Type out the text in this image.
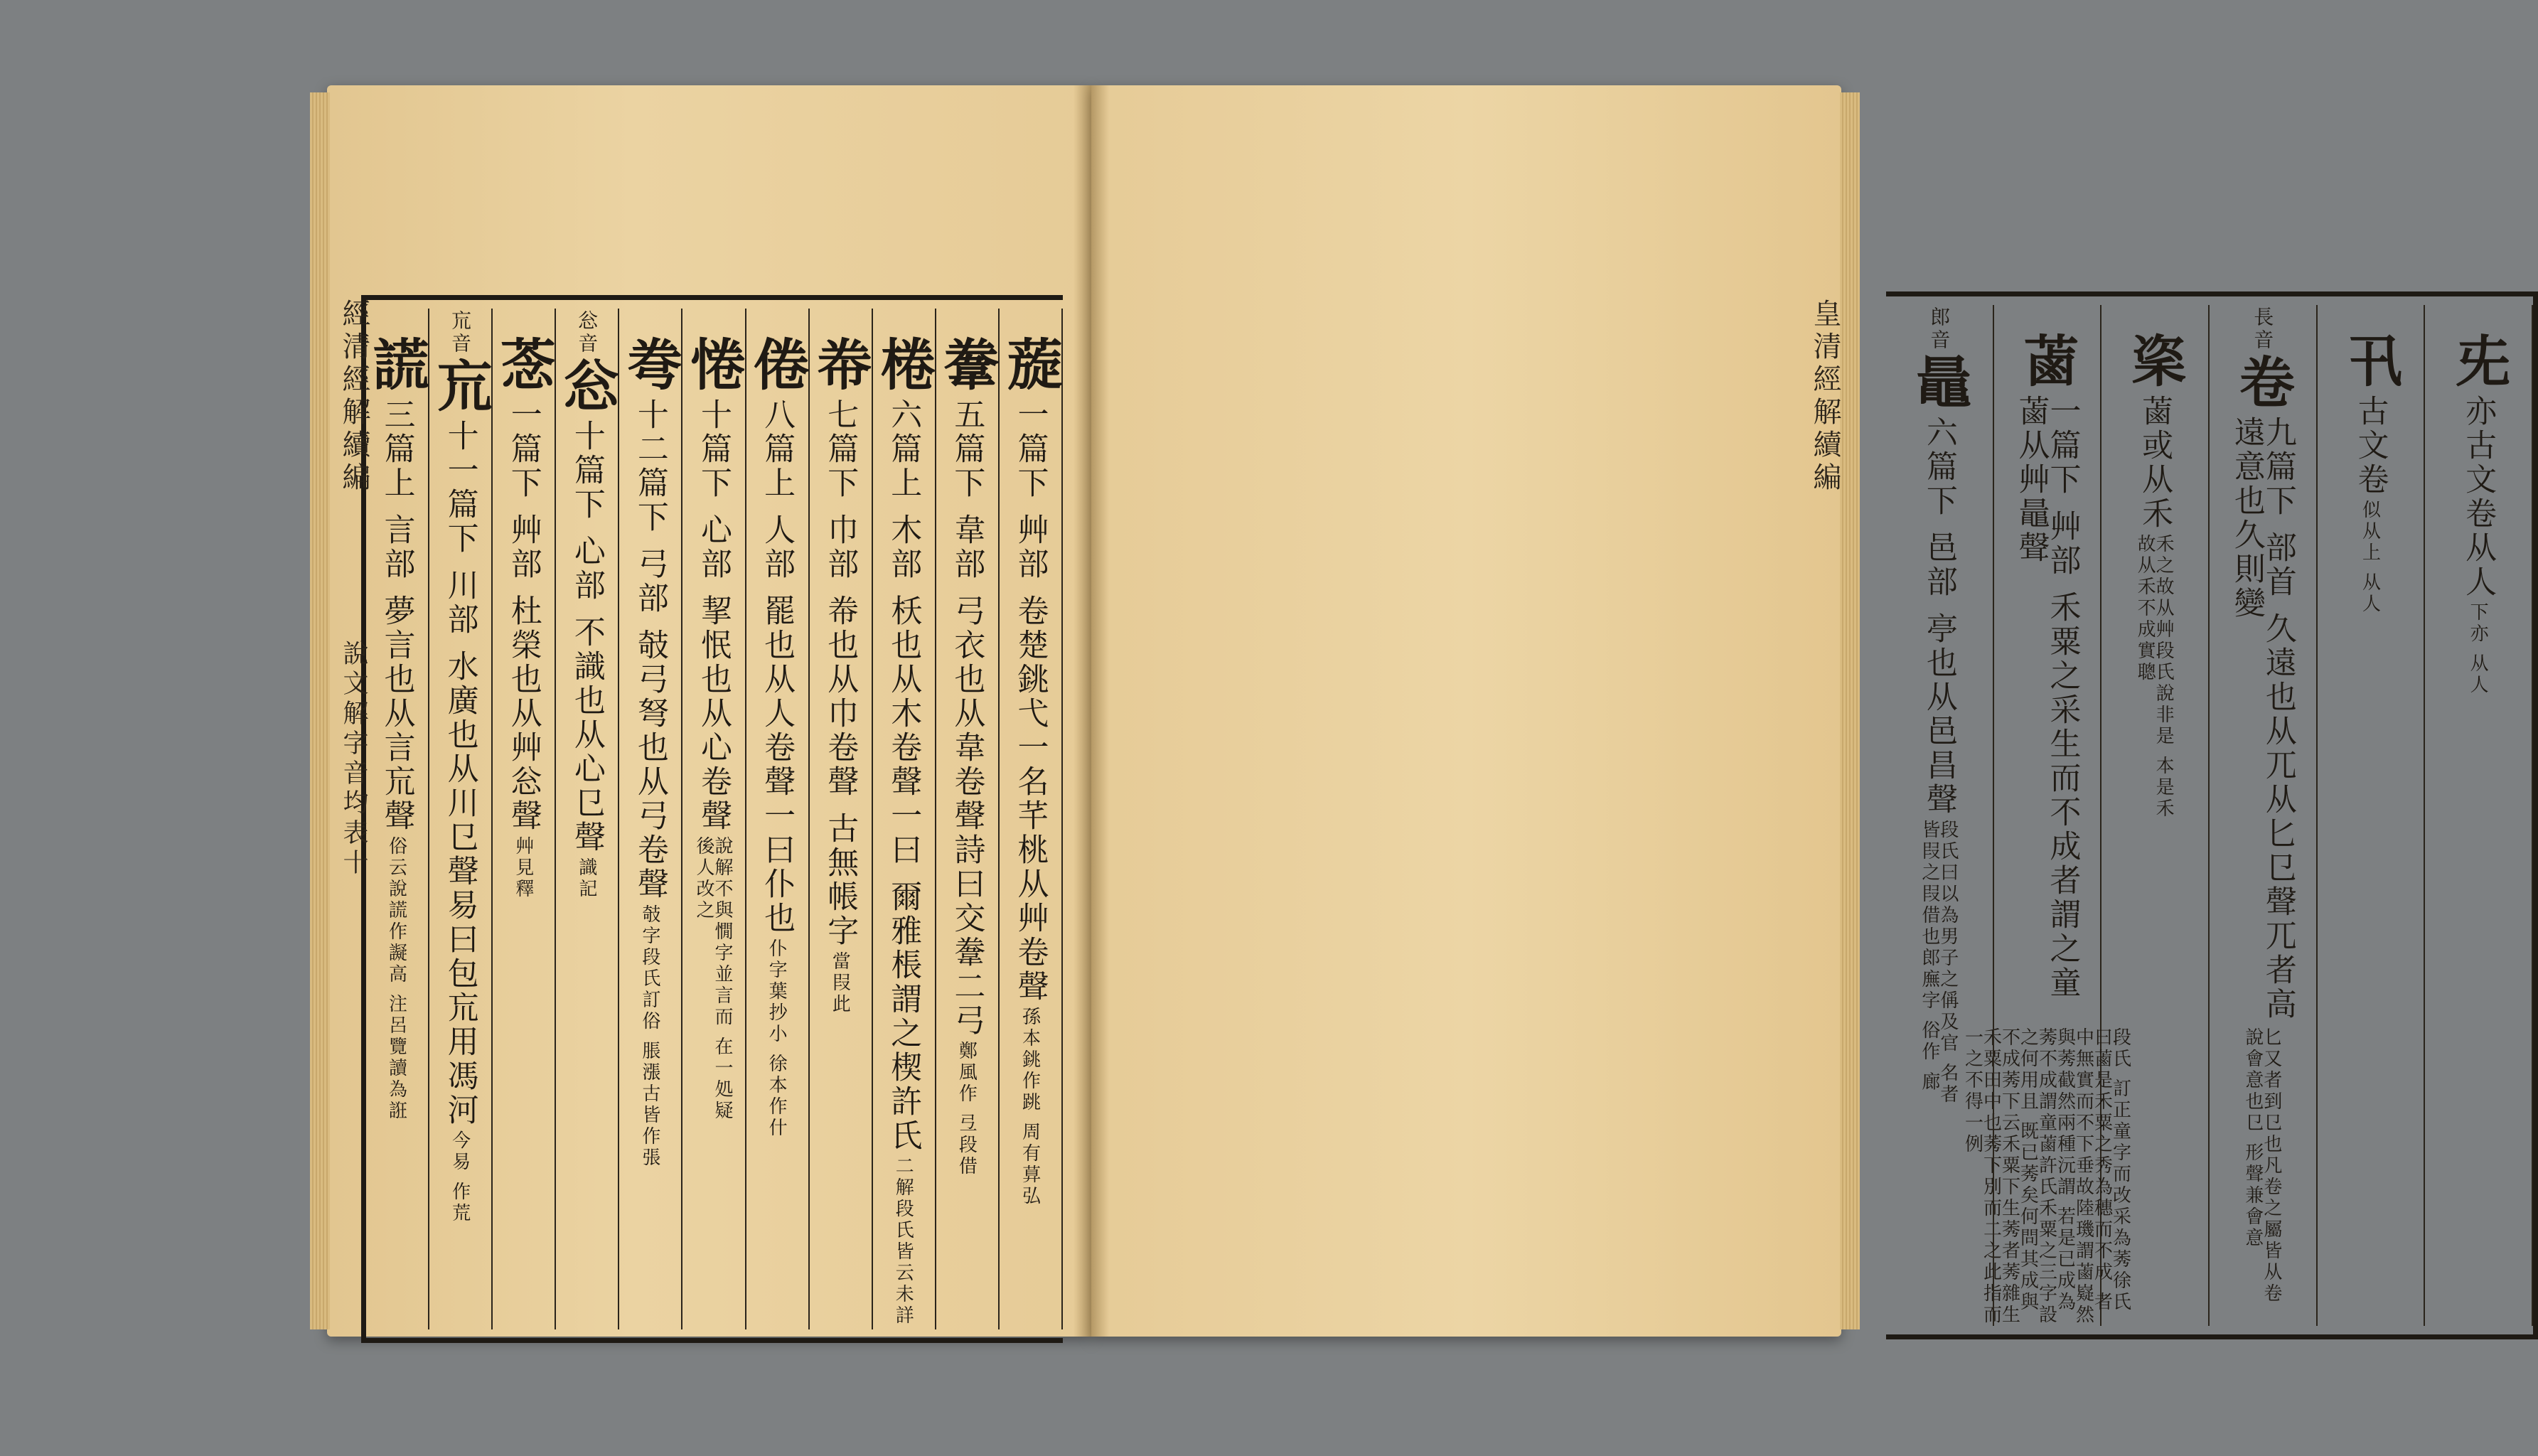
蔙
一篇下 艸部 卷楚銚弋一名芊桃从艸卷聲
孫本銚作跳 周有萛弘
韏
五篇下 韋部 弓衣也从韋卷聲詩曰交韏二弓
鄭風作 弖段借
棬
六篇上 木部 枖也从木卷聲一曰 爾雅棖謂之楔許氏
二解段氏皆云未詳
帣
七篇下 巾部 帣也从巾卷聲 古無帳字
當叚此
倦
八篇上 人部 罷也从人卷聲一曰仆也
仆字葉抄小 徐本作什
惓
十篇下 心部 挈怋也从心卷聲
說解不與憪字並言而 在一処疑後人改之
弮
十二篇下 弓部 攲弓弩也从弓卷聲
攲字段氏訂俗 脹漲古皆作張
忩音
忩
十篇下 心部 不識也从心㔾聲
識記
菍
一篇下 艸部 杜榮也从艸忩聲
艸見釋
巟音
巟
十一篇下 川部 水廣也从川㔾聲易曰包巟用馮河
今易 作荒
謊
三篇上 言部 夢言也从言巟聲
俗云說謊作譺高 注呂覽讀為誑
經清經解續編
說文解字音均表十
兂
亦古文卷从人
下亦 从人
卂
古文卷
似从上 从人
長音
卷
九篇下 部首 久遠也从兀从匕㔾聲兀者高遠意也久則變
匕又者到㔾也凡卷之屬皆从卷 說會意也㔾 形聲兼會意
秶
蓾或从禾
禾之故从艸段氏說非是 本是禾故从禾不成實聰
蓾
一篇下 艸部 禾粟之采生而不成者謂之童蓾从艸鼂聲
段氏 訂正童字而改采為莠徐氏曰蓾是禾粟之秀為穗而不成 者中無實而不下垂故陸璣謂蓾嶷然與莠截然兩種沅謂 若是已成為莠不成謂童蓾許氏禾粟之三字設之何用且 既已莠矣何問其成與不成莠下云禾粟下生莠者莠雜生 禾粟田中也莠下別而二之此指而一之不得一例
郎音
鼂
六篇下 邑部 亭也从邑昌聲
段氏曰以為男子之偁及官 名者皆叚之叚借也郎廡字 俗作 廊
皇清經解續編
